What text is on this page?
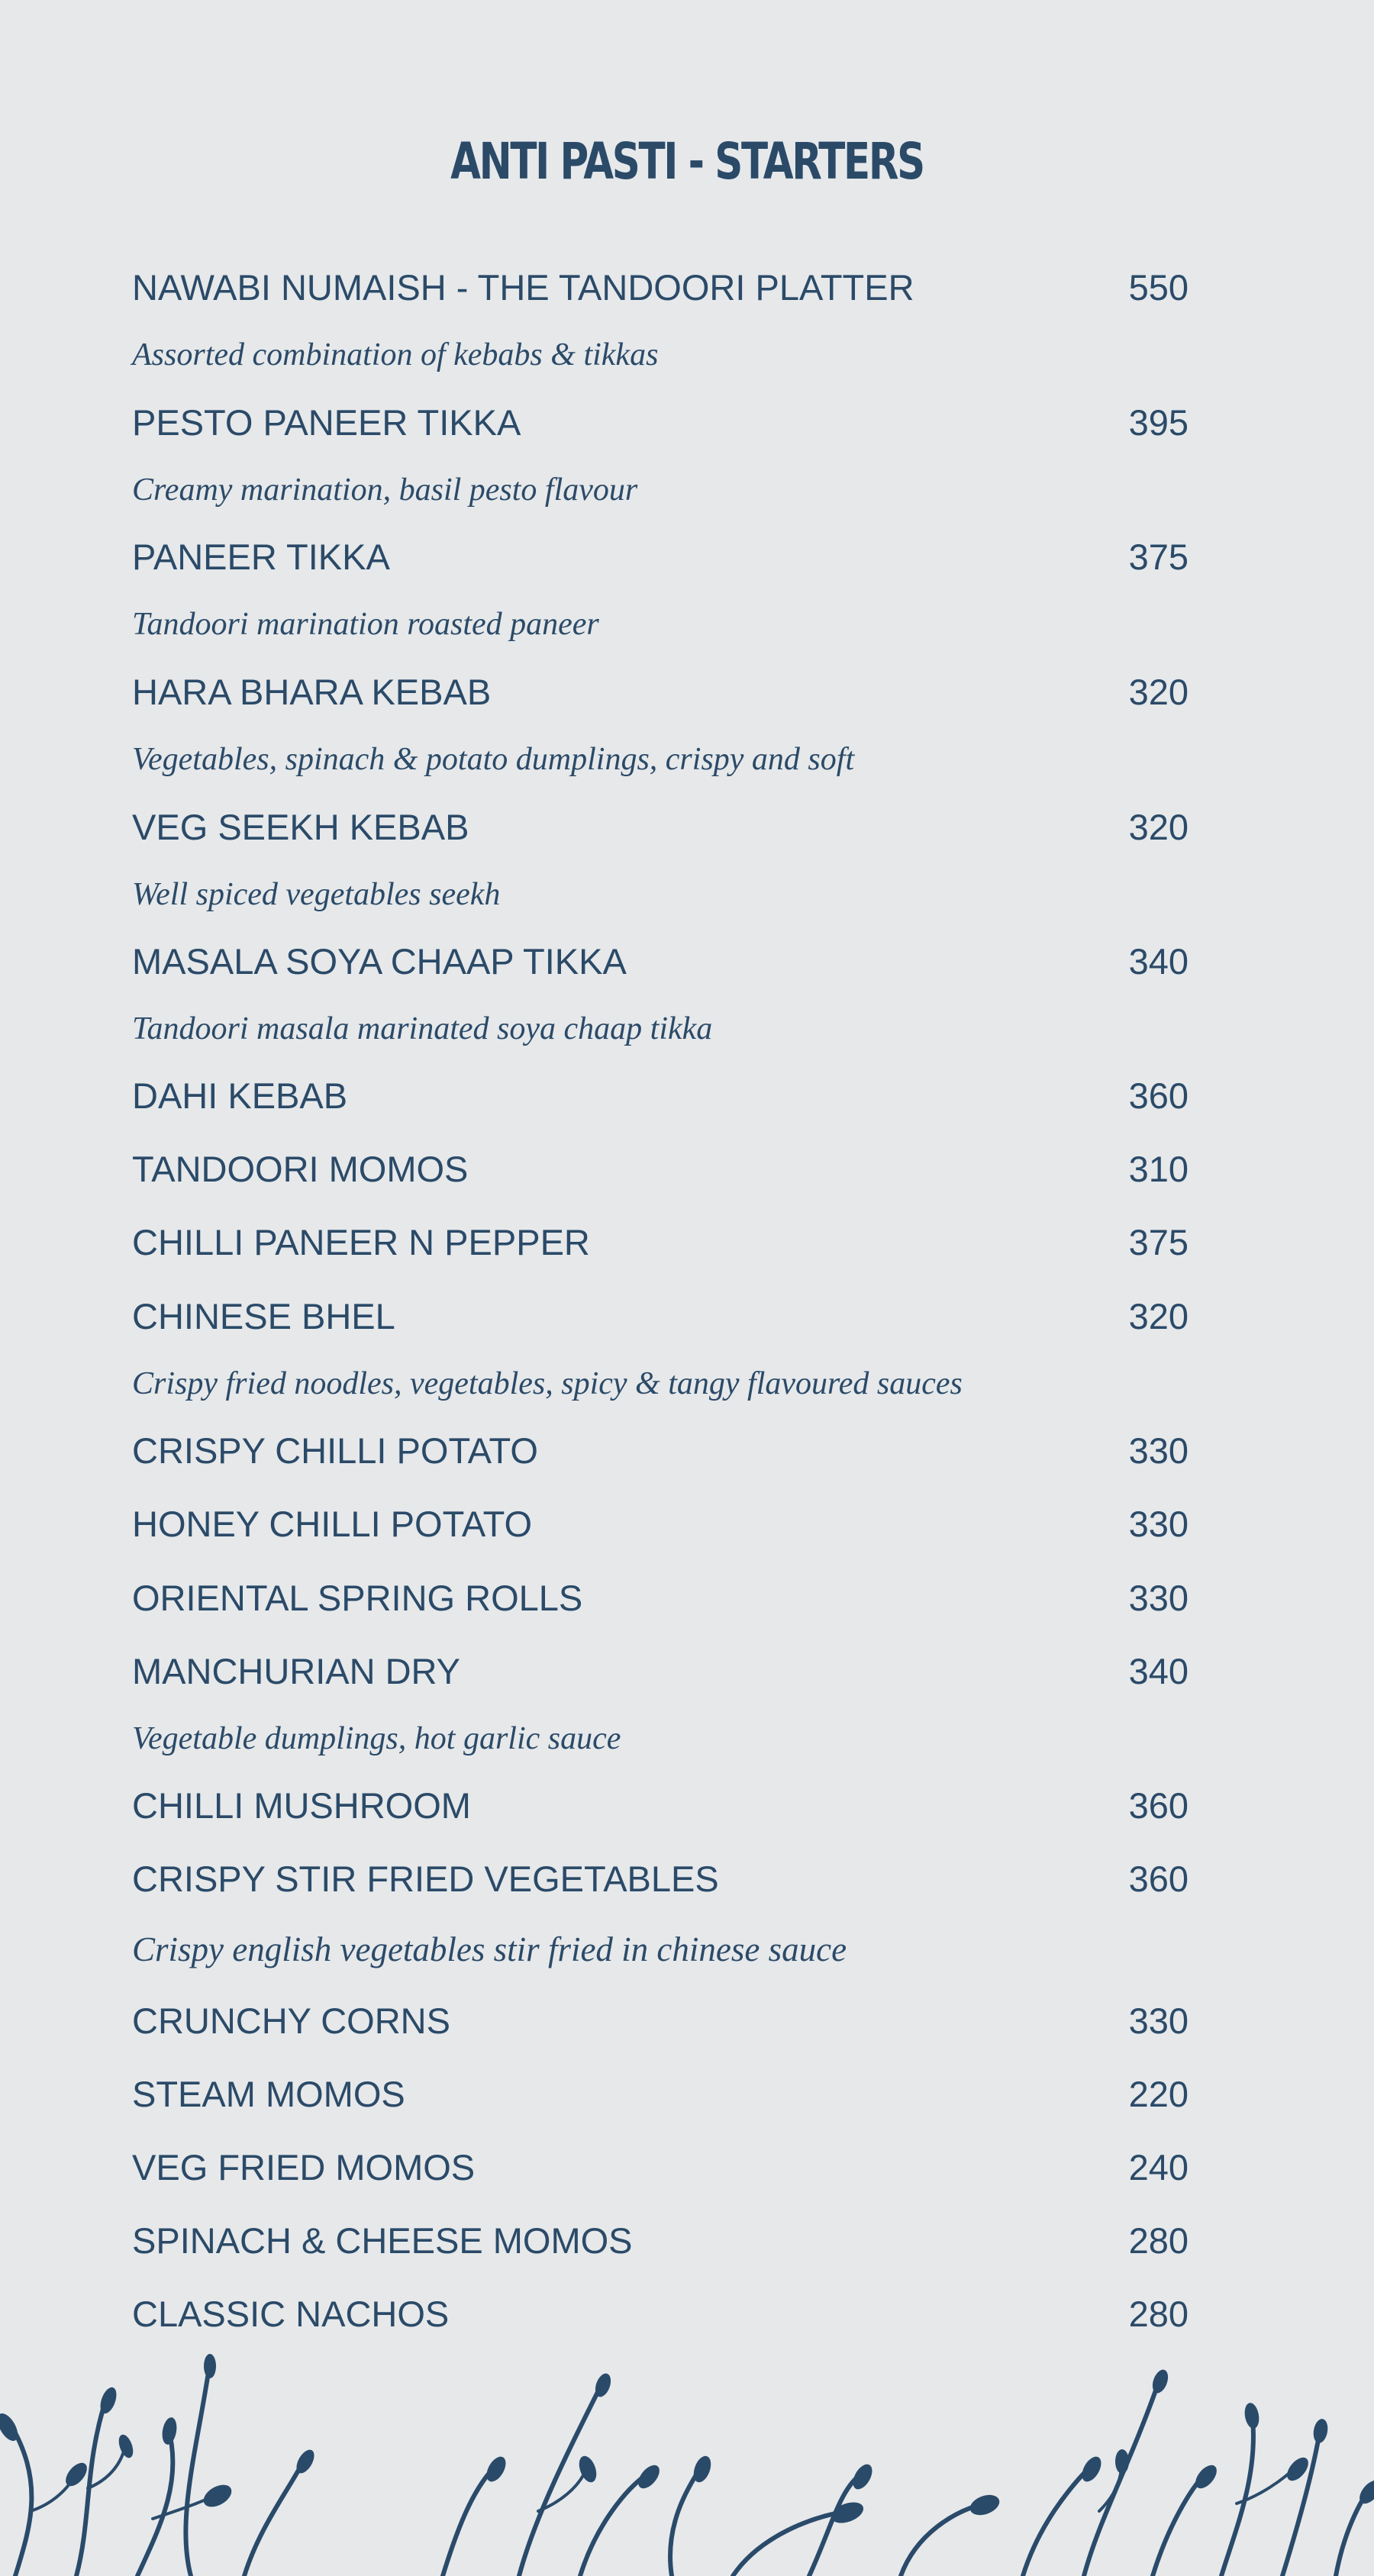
ANTI PASTI - STARTERS
NAWABI NUMAISH - THE TANDOORI PLATTER	550
Assorted combination of kebabs & tikkas
PESTO PANEER TIKKA	395
Creamy marination, basil pesto flavour
PANEER TIKKA	375
Tandoori marination roasted paneer
HARA BHARA KEBAB	320
Vegetables, spinach & potato dumplings, crispy and soft
VEG SEEKH KEBAB	320
Well spiced vegetables seekh
MASALA SOYA CHAAP TIKKA	340
Tandoori masala marinated soya chaap tikka
DAHI KEBAB	360
TANDOORI MOMOS	310
CHILLI PANEER N PEPPER	375
CHINESE BHEL	320
Crispy fried noodles, vegetables, spicy & tangy flavoured sauces
CRISPY CHILLI POTATO	330
HONEY CHILLI POTATO	330
ORIENTAL SPRING ROLLS	330
MANCHURIAN DRY	340
Vegetable dumplings, hot garlic sauce
CHILLI MUSHROOM	360
CRISPY STIR FRIED VEGETABLES	360
Crispy english vegetables stir fried in chinese sauce
CRUNCHY CORNS	330
STEAM MOMOS	220
VEG FRIED MOMOS	240
SPINACH & CHEESE MOMOS	280
CLASSIC NACHOS	280
